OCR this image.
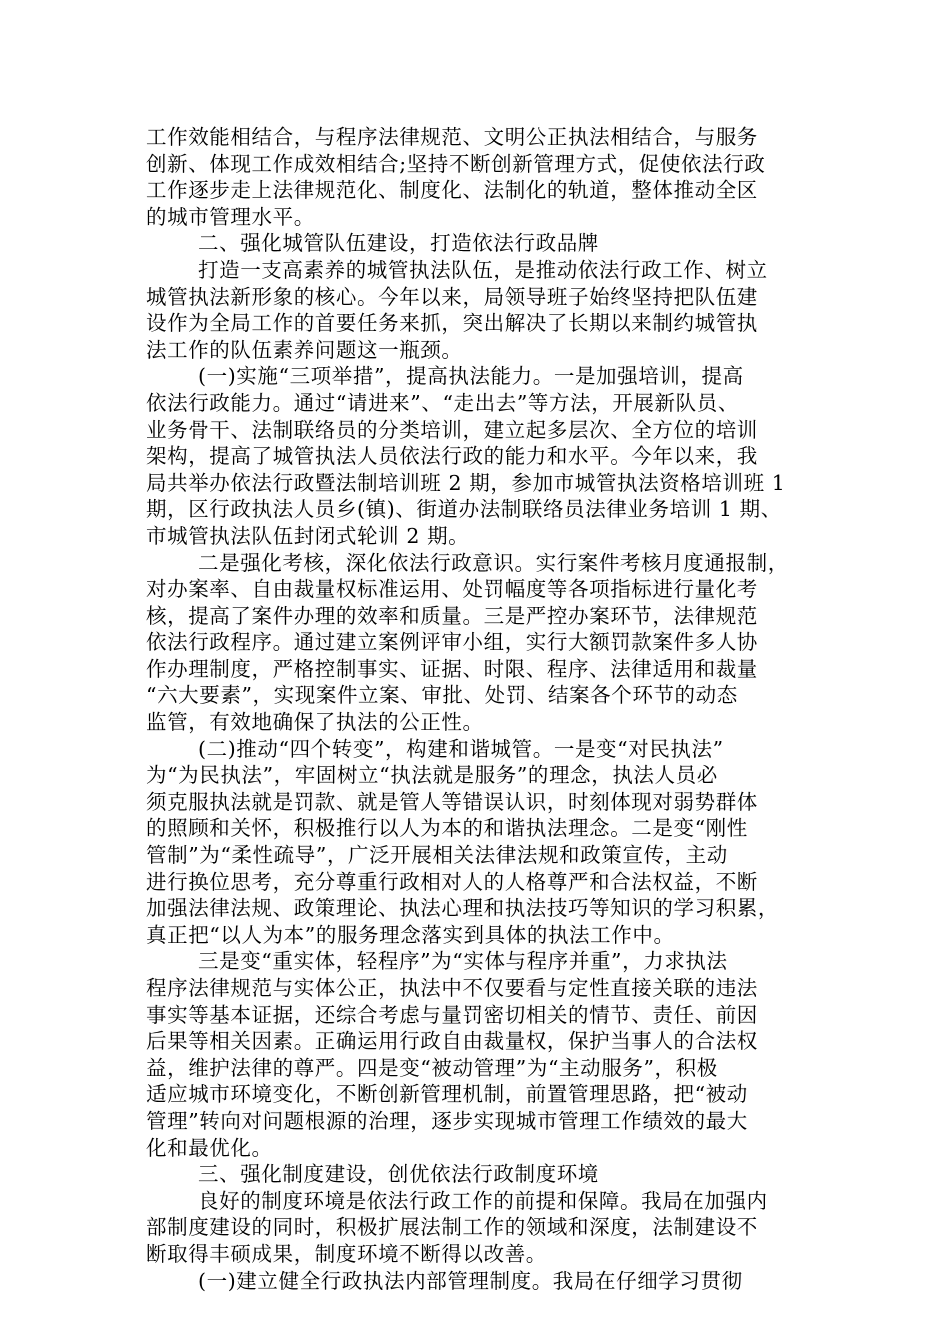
工作效能相结合，与程序法律规范、文明公正执法相结合，与服务
创新、体现工作成效相结合;坚持不断创新管理方式，促使依法行政
工作逐步走上法律规范化、制度化、法制化的轨道，整体推动全区
的城市管理水平。
二、强化城管队伍建设，打造依法行政品牌
打造一支高素养的城管执法队伍，是推动依法行政工作、树立
城管执法新形象的核心。今年以来，局领导班子始终坚持把队伍建
设作为全局工作的首要任务来抓，突出解决了长期以来制约城管执
法工作的队伍素养问题这一瓶颈。
(一)实施“三项举措”，提高执法能力。一是加强培训，提高
依法行政能力。通过“请进来”、“走出去”等方法，开展新队员、
业务骨干、法制联络员的分类培训，建立起多层次、全方位的培训
架构，提高了城管执法人员依法行政的能力和水平。今年以来，我
局共举办依法行政暨法制培训班 2 期，参加市城管执法资格培训班 1
期，区行政执法人员乡(镇)、街道办法制联络员法律业务培训 1 期、
市城管执法队伍封闭式轮训 2 期。
二是强化考核，深化依法行政意识。实行案件考核月度通报制，
对办案率、自由裁量权标准运用、处罚幅度等各项指标进行量化考
核，提高了案件办理的效率和质量。三是严控办案环节，法律规范
依法行政程序。通过建立案例评审小组，实行大额罚款案件多人协
作办理制度，严格控制事实、证据、时限、程序、法律适用和裁量
“六大要素”，实现案件立案、审批、处罚、结案各个环节的动态
监管，有效地确保了执法的公正性。
(二)推动“四个转变”，构建和谐城管。一是变“对民执法”
为“为民执法”，牢固树立“执法就是服务”的理念，执法人员必
须克服执法就是罚款、就是管人等错误认识，时刻体现对弱势群体
的照顾和关怀，积极推行以人为本的和谐执法理念。二是变“刚性
管制”为“柔性疏导”，广泛开展相关法律法规和政策宣传，主动
进行换位思考，充分尊重行政相对人的人格尊严和合法权益，不断
加强法律法规、政策理论、执法心理和执法技巧等知识的学习积累，
真正把“以人为本”的服务理念落实到具体的执法工作中。
三是变“重实体，轻程序”为“实体与程序并重”，力求执法
程序法律规范与实体公正，执法中不仅要看与定性直接关联的违法
事实等基本证据，还综合考虑与量罚密切相关的情节、责任、前因
后果等相关因素。正确运用行政自由裁量权，保护当事人的合法权
益，维护法律的尊严。四是变“被动管理”为“主动服务”，积极
适应城市环境变化，不断创新管理机制，前置管理思路，把“被动
管理”转向对问题根源的治理，逐步实现城市管理工作绩效的最大
化和最优化。
三、强化制度建设，创优依法行政制度环境
良好的制度环境是依法行政工作的前提和保障。我局在加强内
部制度建设的同时，积极扩展法制工作的领域和深度，法制建设不
断取得丰硕成果，制度环境不断得以改善。
(一)建立健全行政执法内部管理制度。我局在仔细学习贯彻
